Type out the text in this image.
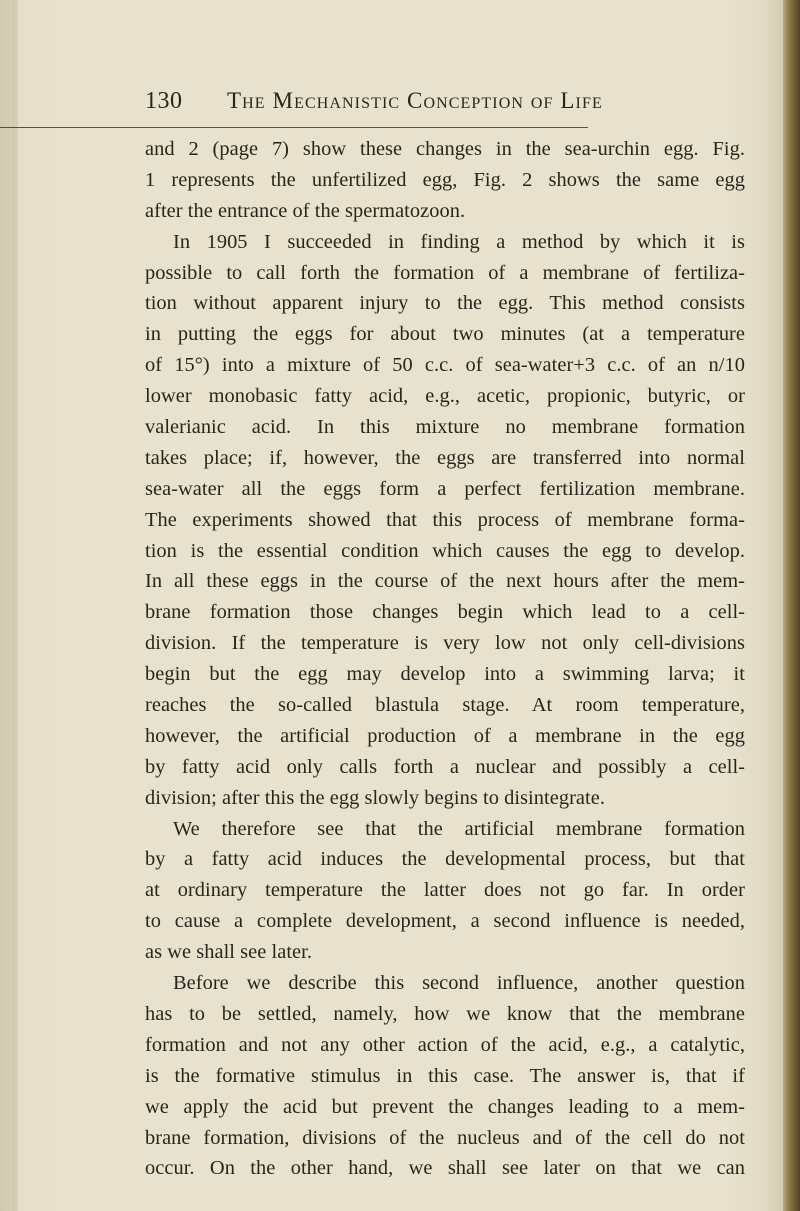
130 The Mechanistic Conception of Life
and 2 (page 7) show these changes in the sea-urchin egg. Fig.
1 represents the unfertilized egg, Fig. 2 shows the same egg
after the entrance of the spermatozoon.
In 1905 I succeeded in finding a method by which it is
possible to call forth the formation of a membrane of fertiliza-
tion without apparent injury to the egg. This method consists
in putting the eggs for about two minutes (at a temperature
of 15°) into a mixture of 50 c.c. of sea-water+3 c.c. of an n/10
lower monobasic fatty acid, e.g., acetic, propionic, butyric, or
valerianic acid. In this mixture no membrane formation
takes place; if, however, the eggs are transferred into normal
sea-water all the eggs form a perfect fertilization membrane.
The experiments showed that this process of membrane forma-
tion is the essential condition which causes the egg to develop.
In all these eggs in the course of the next hours after the mem-
brane formation those changes begin which lead to a cell-
division. If the temperature is very low not only cell-divisions
begin but the egg may develop into a swimming larva; it
reaches the so-called blastula stage. At room temperature,
however, the artificial production of a membrane in the egg
by fatty acid only calls forth a nuclear and possibly a cell-
division; after this the egg slowly begins to disintegrate.
We therefore see that the artificial membrane formation
by a fatty acid induces the developmental process, but that
at ordinary temperature the latter does not go far. In order
to cause a complete development, a second influence is needed,
as we shall see later.
Before we describe this second influence, another question
has to be settled, namely, how we know that the membrane
formation and not any other action of the acid, e.g., a catalytic,
is the formative stimulus in this case. The answer is, that if
we apply the acid but prevent the changes leading to a mem-
brane formation, divisions of the nucleus and of the cell do not
occur. On the other hand, we shall see later on that we can
